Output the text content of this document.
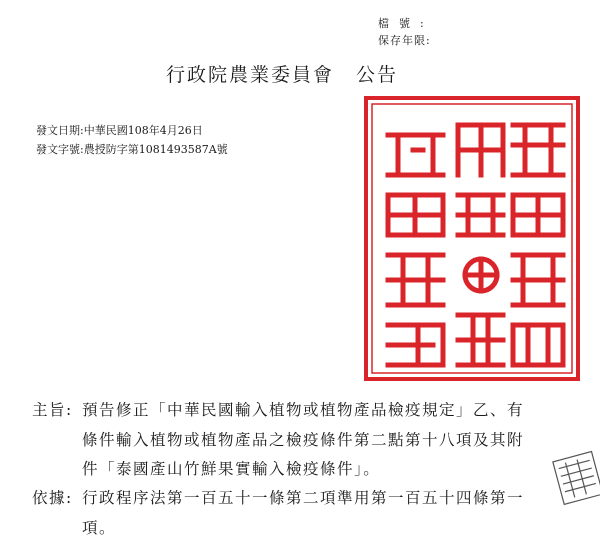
檔號:
保存年限:
行政院農業委員會 公告
發文日期:中華民國108年4月26日
發文字號:農授防字第1081493587A號
主旨: 預告修正「中華民國輸入植物或植物產品檢疫規定」乙、有
條件輸入植物或植物產品之檢疫條件第二點第十八項及其附
件「泰國產山竹鮮果實輸入檢疫條件」。
依據: 行政程序法第一百五十一條第二項準用第一百五十四條第一
項。
